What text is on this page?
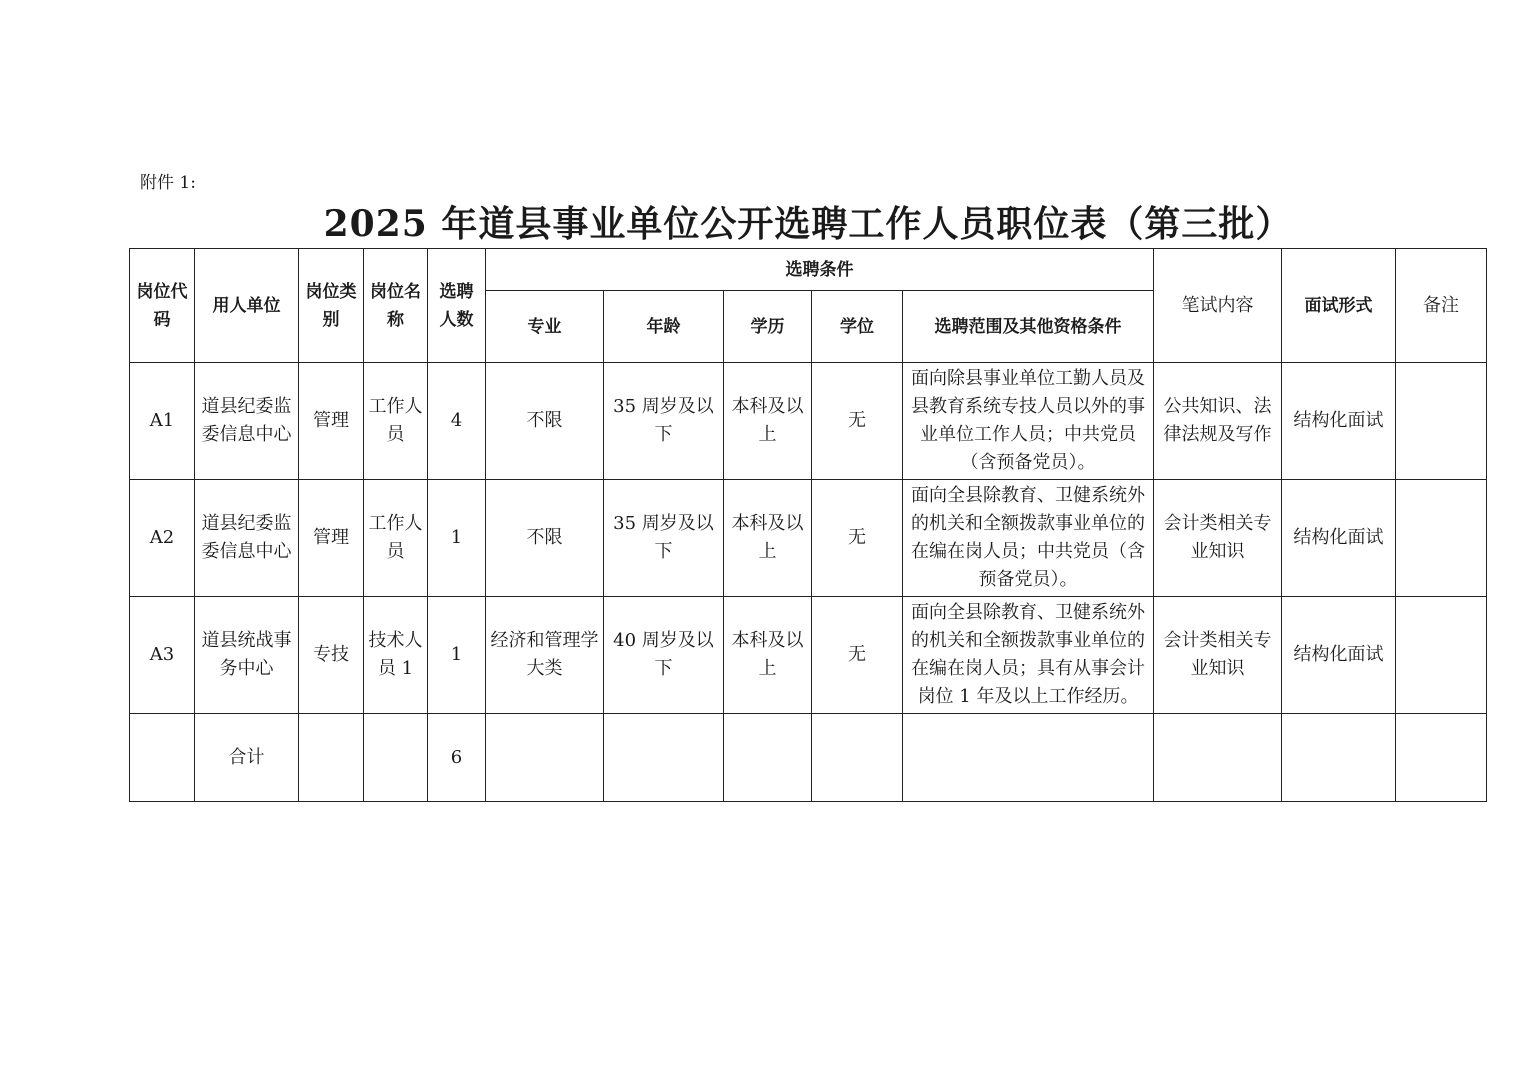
附件 1:
2025 年道县事业单位公开选聘工作人员职位表（第三批）
岗位代码	用人单位	岗位类别	岗位名称	选聘人数	选聘条件					笔试内容	面试形式	备注
					专业	年龄	学历	学位	选聘范围及其他资格条件			
A1	道县纪委监委信息中心	管理	工作人员	4	不限	35 周岁及以下	本科及以上	无	面向除县事业单位工勤人员及县教育系统专技人员以外的事业单位工作人员；中共党员（含预备党员）。	公共知识、法律法规及写作	结构化面试	
A2	道县纪委监委信息中心	管理	工作人员	1	不限	35 周岁及以下	本科及以上	无	面向全县除教育、卫健系统外的机关和全额拨款事业单位的在编在岗人员；中共党员（含预备党员）。	会计类相关专业知识	结构化面试	
A3	道县统战事务中心	专技	技术人员 1	1	经济和管理学大类	40 周岁及以下	本科及以上	无	面向全县除教育、卫健系统外的机关和全额拨款事业单位的在编在岗人员；具有从事会计岗位 1 年及以上工作经历。	会计类相关专业知识	结构化面试	
	合计			6								
